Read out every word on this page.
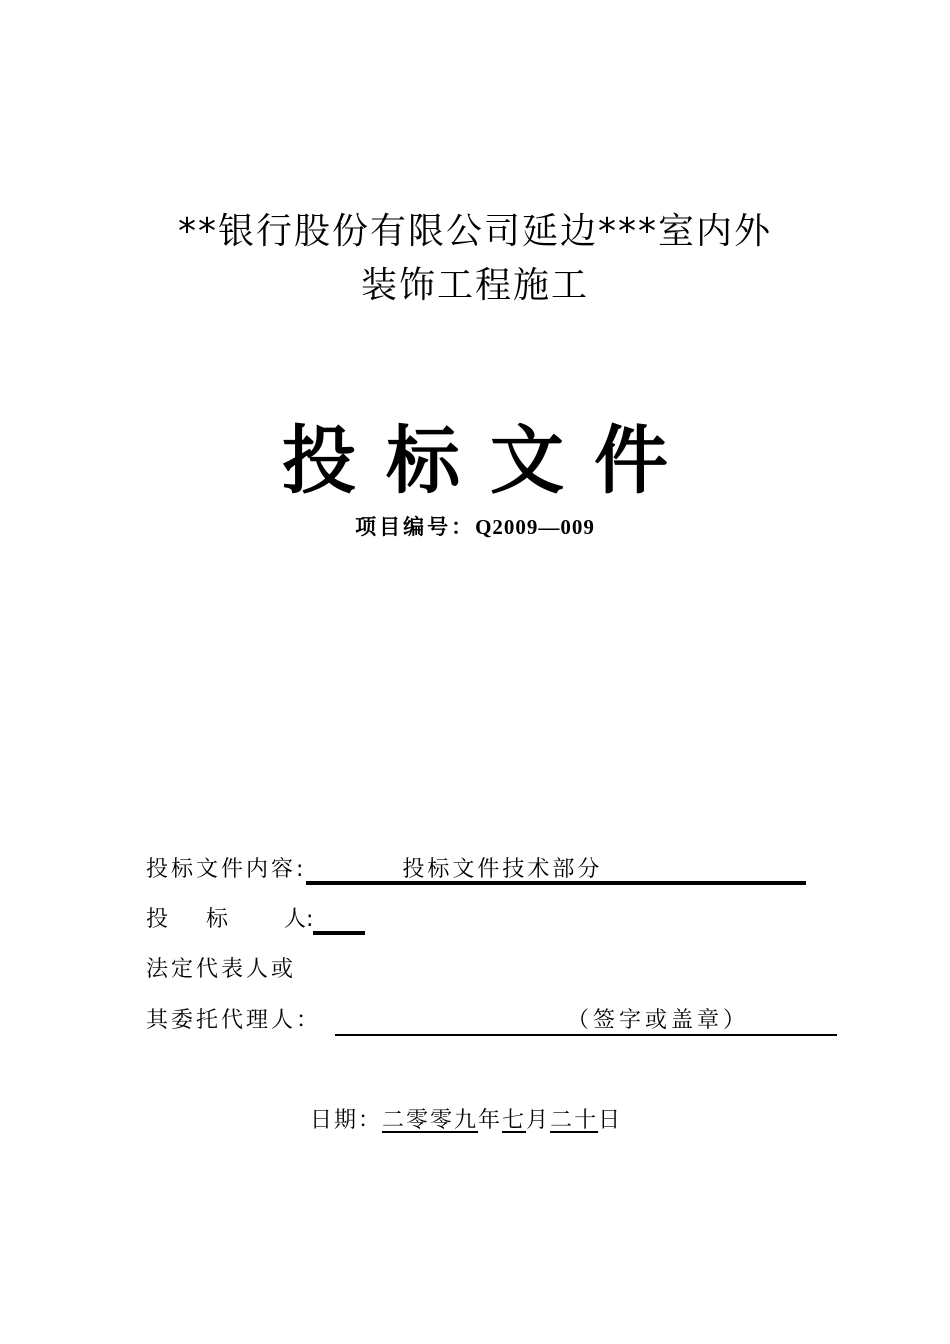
**银行股份有限公司延边***室内外
装饰工程施工
投标文件
项目编号：Q2009—009
投标文件内容:	投标文件技术部分
投 标	人:
法定代表人或
其委托代理人：	（签字或盖章）
日期：二零零九年七月二十日
